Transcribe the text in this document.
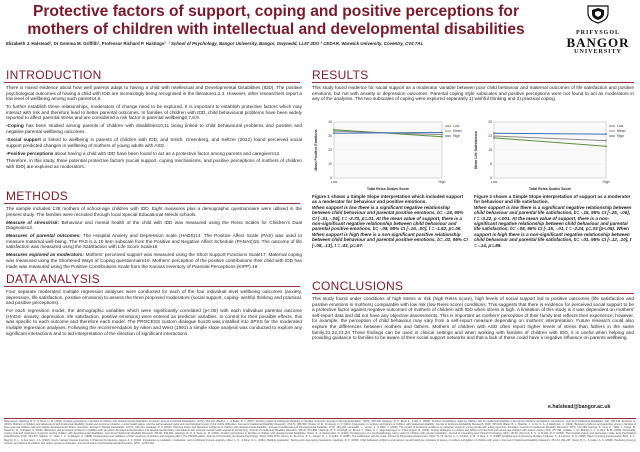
Protective factors of support, coping and positive perceptions for
mothers of children with intellectual and developmental disabilities
Elizabeth J. Halstead¹, Dr Gemma M. Griffith¹, Professor Richard P. Hastings² ¹ School of Psychology, Bangor University, Bangor, Gwynedd, LL57 2DG ² CEDAR, Warwick University, Coventry, CV4 7AL
PRIFYSGOL
BANGOR
UNIVERSITY
INTRODUCTION

There is mixed evidence about how well parents adapt to having a child with Intellectual and Developmental Disabilities (IDD). The positive psychological outcomes of having a child with IDD are increasingly being recognised in the literature1,2,3. However, other researchers report a low level of wellbeing among such parents4,5.

To further establish these relationships, moderators of change need to be explored. It is important to establish protective factors which may interact with risk and therefore lead to better parental outcomes. In families of children with IDD, child behavioural problems have been widely reported to affect parental stress and are considered a risk factor in parental wellbeing6,7,8,9.

-Coping has been studied among parents of children with disabilities10,11 being linked to child behavioural problems and positive and negative parental wellbeing outcomes.

-Social support is linked to wellbeing in parents of children with IDD, and Smith, Greenberg, and Seltzer (2012) found perceived social support predicted changes in wellbeing of mothers of young adults with ASD.

-Positive perceptions about having a child with IDD have been found to act as a protective factor among parents and caregivers12.

Therefore, in this study, three potential protective factors (social support, coping mechanisms, and positive perceptions of mothers of children with IDD) are explored as moderators.

METHODS

The sample included 138 mothers of school-age children with IDD. Eight measures plus a demographic questionnaire were utilised in the present study. The families were recruited through local Special Educational Needs schools.

Measure of stress/risk: Behaviour and mental health of the child with IDD was measured using the Reiss Scales for Children's Dual Diagnosis13.

Measures of parental outcomes: The Hospital Anxiety and Depression scale (HADS)14. The Positive Affect Scale (PAS) was used to measure maternal well-being. The PAS is a 10 item subscale from the Positive and Negative Affect Schedule (PANAS)15. The outcome of life satisfaction was measured using the Satisfaction with Life Score Scale16

Measures explored as moderators: Mothers' perceived support was measured using the Short Support Functions Scale17. Maternal coping was measured using the Shortened Ways of Coping questionnaire18. Mothers' perception of the positive contributions their child with IDD has made was measured using the Positive Contributions Scale from the Kansas Inventory of Parental Perceptions (KIPP).19

DATA ANALYSIS

Four separate moderated multiple regression analyses were conducted for each of the four individual level wellbeing outcomes (anxiety, depression, life satisfaction, positive emotions) to assess the three proposed moderators (social support, coping- wishful thinking and practical, and positive perceptions).

For each regression model, the demographic variables which were significantly correlated (p<.05) with each individual parental outcome (HADS- anxiety, depression, life satisfaction, positive emotions) were entered as predictor variables, to control for their possible effects, this was specific to each outcome and therefore each model. The PROCESS custom dialogue box20 was installed into SPSS for the moderated multiple regression analyses. Following the recommendation by Aiken and West (1991) a simple slope analysis was conducted to explore any significant interactions and to aid interpretation of the direction of significant interactions.

RESULTS

This study found evidence for social support as a moderator variable between poor child behaviour and maternal outcomes of life satisfaction and positive emotions, but not with anxiety or depression outcomes. Parental coping style subscales and positive perceptions were not found to act as moderators in any of the analyses. The two subscales of coping were explored separately 1) wishful thinking and 2) practical coping.

0
10
20
30
40
Low	High
Total Reiss Scales Score
Mean Positive Emotions
Low
Mean
High
0
8
15
23
30
Low	High
Total Reiss Scales Score
Mean Life Satisfaction
Low
Mean
High
Figure 1 shows a Simple Slope interpretation which included support as a moderator for behaviour and positive emotions.
When support is low there is a significant negative relationship between child behaviour and parental positive emotions, b= -.18, 95% CI [-.31, -.05], t = -2.73, p=.01. At the mean value of support, there is a non-significant negative relationship between child behaviour and parental positive emotions, b= -.08, 95% CI [-.16, .00], t = -1.92, p=.06. When support is high there is a non-significant positive relationship between child behaviour and parental positive emotions, b= .02, 95% CI [-.08, .13], t = .43, p=.67.
Figure 2 shows a Simple Slope interpretation of support as a moderator for behaviour and life satisfaction.
When support is low there is a significant negative relationship between child behaviour and parental life satisfaction, b= -.15, 95% CI [-.25, -.06], t = -3.22, p <.001. At the mean value of support, there is a non-significant negative relationship between child behaviour and parental life satisfaction, b= -.08, 95% CI [-.15, -.01, t = -2.24, p=.03 (p<.05). When support is high there is a non-significant negative relationship between child behaviour and parental life satisfaction, b= -.01, 95% CI [-.12, .10], t = -.14, p=.89.
CONCLUSIONS

This study found under conditions of high stress or risk (high Reiss score), high levels of social support led to positive outcomes (life satisfaction and positive emotions in mothers) comparable with low risk (low Reiss score) conditions. This suggests that there is evidence for perceived social support to be a protective factor against negative outcomes of mothers of children with IDD when stress is high. A limitation of this study is it was dependent on mothers' self-report data and did not have any objective assessments. This is important as mothers' perception of their family test reflects their experience; however, for example, the perception of child behaviour may vary from a self-report measure depending on mothers' interpretation. Future research could also explore the differences between mothers and fathers. Mothers of children with ASD often report higher levels of stress than fathers in the same family.21,22,23,24 These findings can be used in clinical settings and when working with families of children with IDD, it is useful when helping and providing guidance to families to be aware of their social support networks and that a lack of these could have a negative influence on parents wellbeing.

e.halstead@bangor.ac.uk
References: Hastings, R. P., & Taunt, H. M. (2002). Positive perceptions in families of children with developmental disabilities. American Journal on Mental Retardation, 107(2), 116-127. Blacher, J., & Baker, B. L. (2007). Positive impact of intellectual disability on families. American Journal on Mental Retardation, 112(5), 330-348. Hastings, R. P., Beck, A., & Hill, C. (2005). Positive contributions made by children with an intellectual disability in the family: Mothers' and fathers' perceptions. Journal of Intellectual Disabilities, 9(2), 155-165. Emerson, E. (2003). Mothers of children and adolescents with intellectual disability: Social and economic situation, mental health status, and the self-assessed social and psychological impact of the child's difficulties. Journal of Intellectual Disability Research, 47(4-5), 385-399. Olsson, M. B., & Hwang, C. P. (2001). Depression in mothers and fathers of children with intellectual disability. Journal of Intellectual Disability Research, 45(6), 535-543. Baker, B. L., Blacher, J., Crnic, K. A., & Edelbrock, C. (2002). Behavior problems and parenting stress in families of three-year-old children with and without developmental delays. American Journal on Mental Retardation, 107(6), 433-444. Hastings, R. P. (2002). Parental stress and behaviour problems of children with developmental disability. Journal of Intellectual and Developmental Disability, 27(3), 149-160. Lecavalier, L., Leone, S., & Wiltz, J. (2006). The impact of behaviour problems on caregiver stress in young people with autism spectrum disorders. Journal of Intellectual Disability Research, 50(3), 172-183. Herring, S., Gray, K., Taffe, J., Tonge, B., Sweeney, D., & Einfeld, S. (2006). Behaviour and emotional problems in toddlers with pervasive developmental disorders and developmental delay: Associations with parental mental health and family functioning. Journal of Intellectual Disability Research, 50(12), 874-882. Hastings, R. P., Kovshoff, H., Brown, T., Ward, N. J., degli Espinosa, F., & Remington, B. (2005). Coping strategies in mothers and fathers of preschool and school-age children with autism. Autism, 9(4), 377-391. Glidden, L. M., Billings, F. J., & Jobe, B. M. (2006). Personality, coping style and well-being of parents rearing children with developmental disabilities. Journal of Intellectual Disability Research, 50(12), 949-962. Hastings, R. P., & Taunt, H. M. (2002). Positive perceptions in families of children with developmental disabilities. Reiss, S., & Valenti-Hein, D. (1994). Development of a psychopathology rating scale for children with mental retardation. Journal of Consulting and Clinical Psychology, 62(1), 28-33. Zigmond, A. S., & Snaith, R. P. (1983). The hospital anxiety and depression scale. Acta Psychiatrica Scandinavica, 67(6), 361-370. Watson, D., Clark, L. A., & Tellegen, A. (1988). Development and validation of brief measures of positive and negative affect: The PANAS scales. Journal of Personality and Social Psychology, 54(6), 1063-1070. Diener, E., Emmons, R. A., Larsen, R. J., & Griffin, S. (1985). The satisfaction with life scale. Journal of Personality Assessment, 49(1), 71-75. Dunst, C. J., Trivette, C. M., & Deal, A. G. (1988). Enabling and empowering families. Folkman, S., & Lazarus, R. S. (1988). Ways of coping questionnaire. Behr, S. K., Murphy, D. L., & Summers, J. A. (1992). User's manual: Kansas Inventory of Parental Perceptions. Hayes, A. F. (2013). Introduction to mediation, moderation, and conditional process analysis. Aiken, L. S., & West, S. G. (1991). Multiple regression: Testing and interpreting interactions. Hastings, R. P. (2003). Child behaviour problems and partner mental health as correlates of stress in mothers and fathers of children with autism. Journal of Intellectual Disability Research, 47(4-5), 231-237. Davis, N. O., & Carter, A. S. (2008). Parenting stress in mothers and fathers of toddlers with autism spectrum disorders. Journal of Autism and Developmental Disorders, 38(7), 1278-1291.
